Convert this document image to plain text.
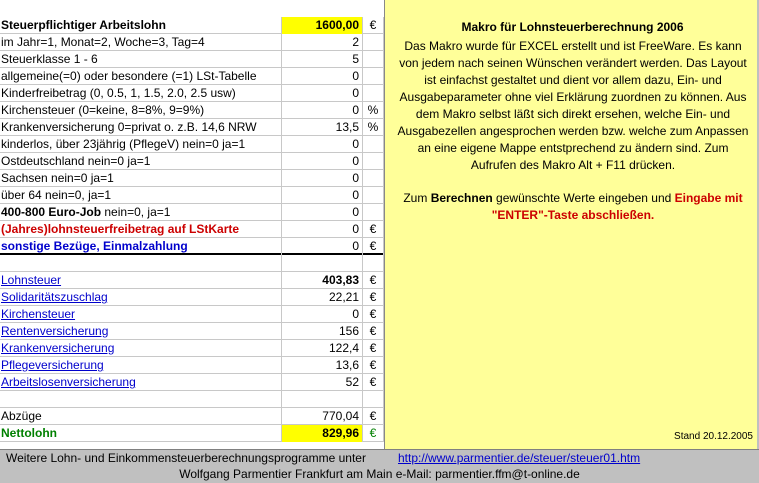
Steuerpflichtiger Arbeitslohn	1600,00 €
im Jahr=1, Monat=2, Woche=3, Tag=4	2
Steuerklasse 1 - 6	5
allgemeine(=0) oder besondere (=1) LSt-Tabelle	0
Kinderfreibetrag (0, 0.5, 1, 1.5, 2.0, 2.5 usw)	0
Kirchensteuer (0=keine, 8=8%, 9=9%)	0 %
Krankenversicherung 0=privat o. z.B. 14,6 NRW	13,5 %
kinderlos, über 23jährig (PflegeV) nein=0 ja=1	0
Ostdeutschland nein=0 ja=1	0
Sachsen nein=0 ja=1	0
über 64 nein=0, ja=1	0
400-800 Euro-Job nein=0, ja=1	0
(Jahres)lohnsteuerfreibetrag auf LStKarte	0 €
sonstige Bezüge, Einmalzahlung	0 €
Lohnsteuer	403,83 €
Solidaritätszuschlag	22,21 €
Kirchensteuer	0 €
Rentenversicherung	156 €
Krankenversicherung	122,4 €
Pflegeversicherung	13,6 €
Arbeitslosenversicherung	52 €
Abzüge	770,04 €
Nettolohn	829,96 €
Makro für Lohnsteuerberechnung 2006
Das Makro wurde für EXCEL erstellt und ist FreeWare. Es kann von jedem nach seinen Wünschen verändert werden. Das Layout ist einfachst gestaltet und dient vor allem dazu, Ein- und Ausgabeparameter ohne viel Erklärung zuordnen zu können. Aus dem Makro selbst läßt sich direkt ersehen, welche Ein- und Ausgabezellen angesprochen werden bzw. welche zum Anpassen an eine eigene Mappe entstprechend zu ändern sind. Zum Aufrufen des Makro Alt + F11 drücken.
Zum Berechnen gewünschte Werte eingeben und Eingabe mit "ENTER"-Taste abschließen.
Stand 20.12.2005
Weitere Lohn- und Einkommensteuerberechnungsprogramme unter	http://www.parmentier.de/steuer/steuer01.htm
Wolfgang Parmentier Frankfurt am Main e-Mail: parmentier.ffm@t-online.de
